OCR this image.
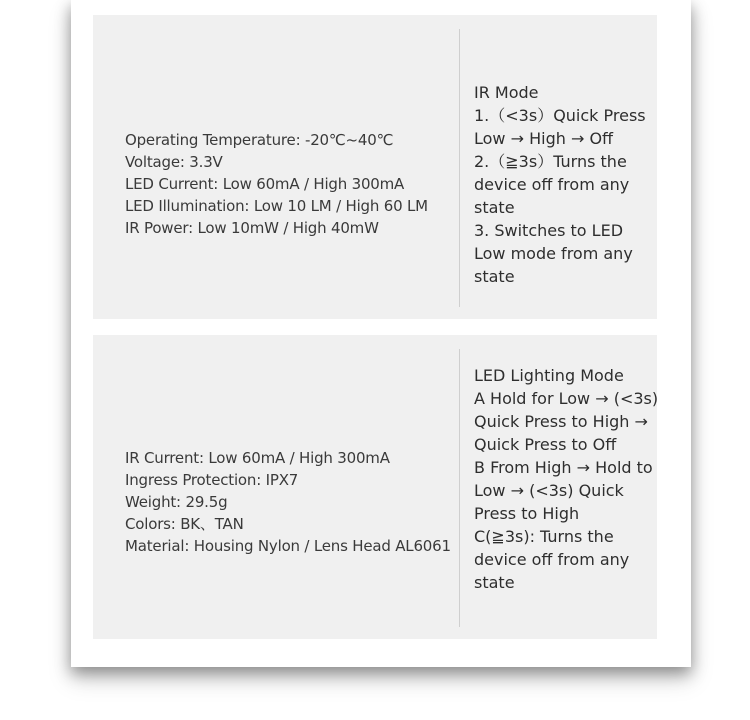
Operating Temperature: -20℃~40℃
Voltage: 3.3V
LED Current: Low 60mA / High 300mA
LED Illumination: Low 10 LM / High 60 LM
IR Power: Low 10mW / High 40mW
IR Mode
1.（<3s）Quick Press Low → High → Off
2.（≧3s）Turns the device off from any state
3. Switches to LED Low mode from any state
IR Current: Low 60mA / High 300mA
Ingress Protection: IPX7
Weight: 29.5g
Colors: BK、TAN
Material: Housing Nylon / Lens Head AL6061
LED Lighting Mode
A Hold for Low → (<3s) Quick Press to High → Quick Press to Off
B From High → Hold to Low → (<3s) Quick Press to High
C(≧3s): Turns the device off from any state
